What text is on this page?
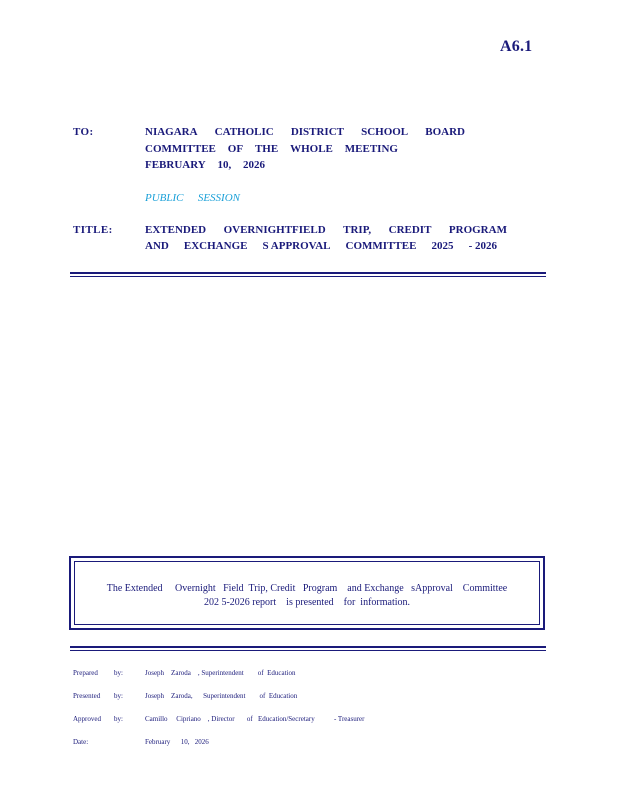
A6.1
TO:	NIAGARA CATHOLIC DISTRICT SCHOOL BOARD
COMMITTEE OF THE WHOLE MEETING
FEBRUARY 10, 2026
PUBLIC SESSION
TITLE:	EXTENDED OVERNIGHTFIELD TRIP, CREDIT PROGRAM
AND EXCHANGE S APPROVAL COMMITTEE 2025 - 2026
The Extended     Overnight   Field  Trip, Credit   Program    and Exchange   sApproval    Committee
202 5-2026 report    is presented    for  information.
Prepared by:	Joseph    Zaroda    , Superintendent        of  Education
Presented by:	Joseph    Zaroda,      Superintendent        of  Education
Approved by:	Camillo     Cipriano    , Director       of   Education/Secretary           - Treasurer
Date:	February      10,   2026
